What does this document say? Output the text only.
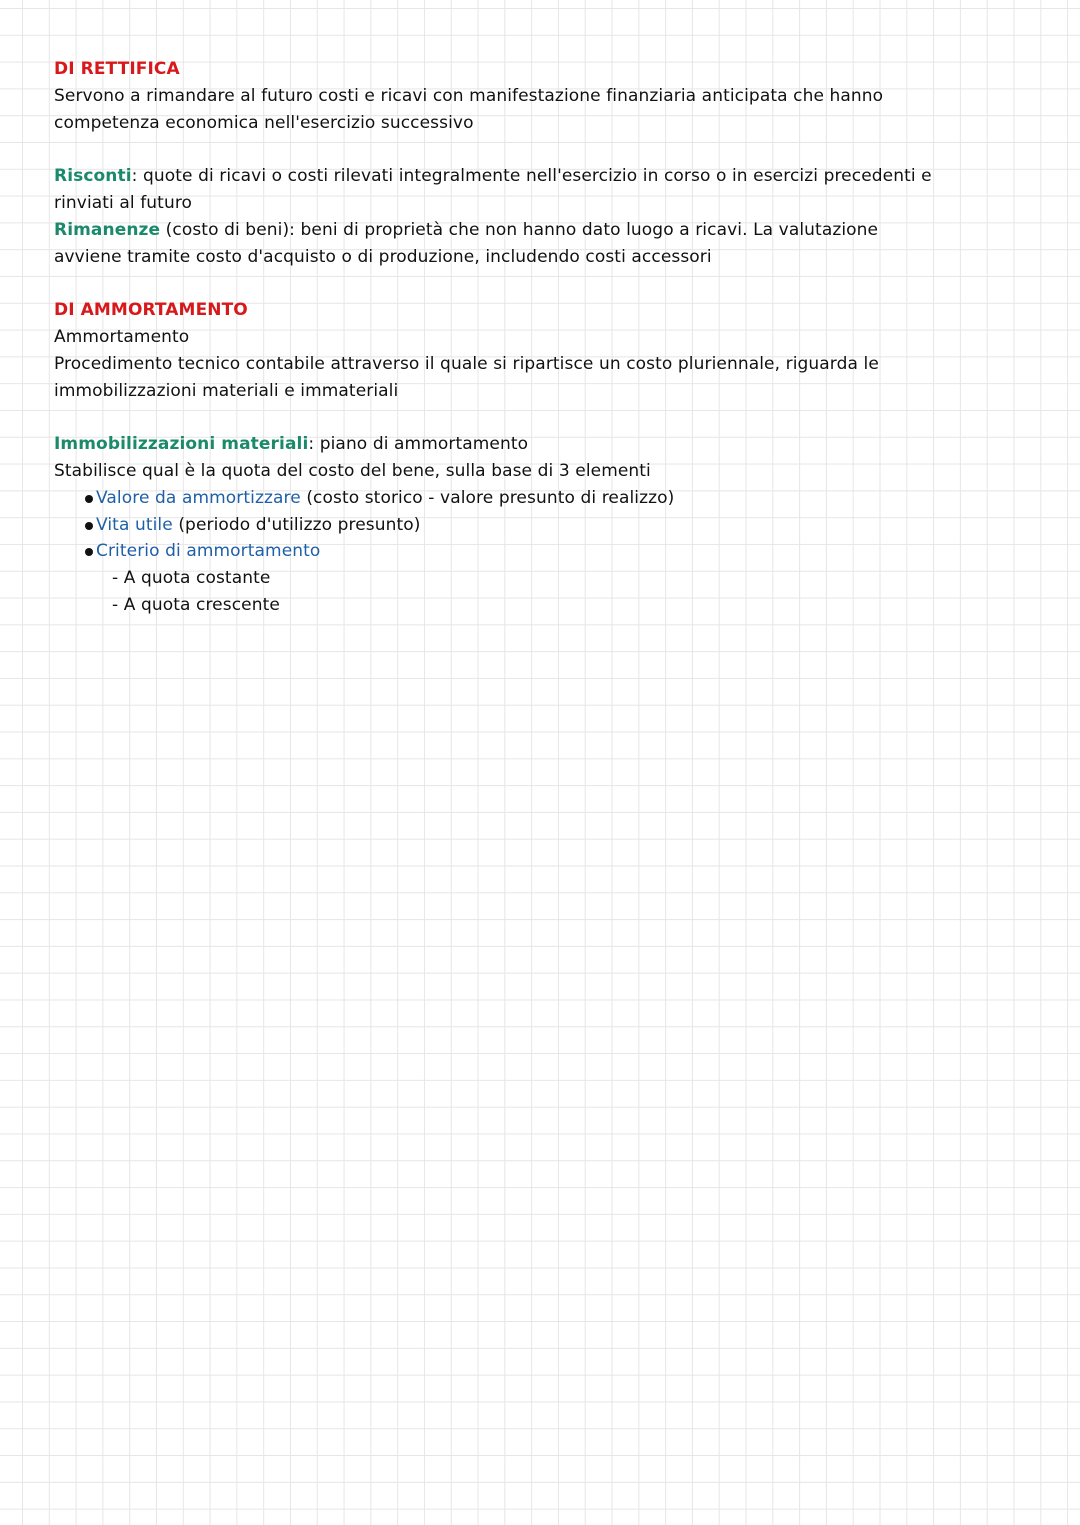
DI RETTIFICA
Servono a rimandare al futuro costi e ricavi con manifestazione finanziaria anticipata che hanno
competenza economica nell'esercizio successivo
Risconti: quote di ricavi o costi rilevati integralmente nell'esercizio in corso o in esercizi precedenti e
rinviati al futuro
Rimanenze (costo di beni): beni di proprietà che non hanno dato luogo a ricavi. La valutazione
avviene tramite costo d'acquisto o di produzione, includendo costi accessori
DI AMMORTAMENTO
Ammortamento
Procedimento tecnico contabile attraverso il quale si ripartisce un costo pluriennale, riguarda le
immobilizzazioni materiali e immateriali
Immobilizzazioni materiali: piano di ammortamento
Stabilisce qual è la quota del costo del bene, sulla base di 3 elementi
Valore da ammortizzare (costo storico - valore presunto di realizzo)
Vita utile (periodo d'utilizzo presunto)
Criterio di ammortamento
- A quota costante
- A quota crescente
